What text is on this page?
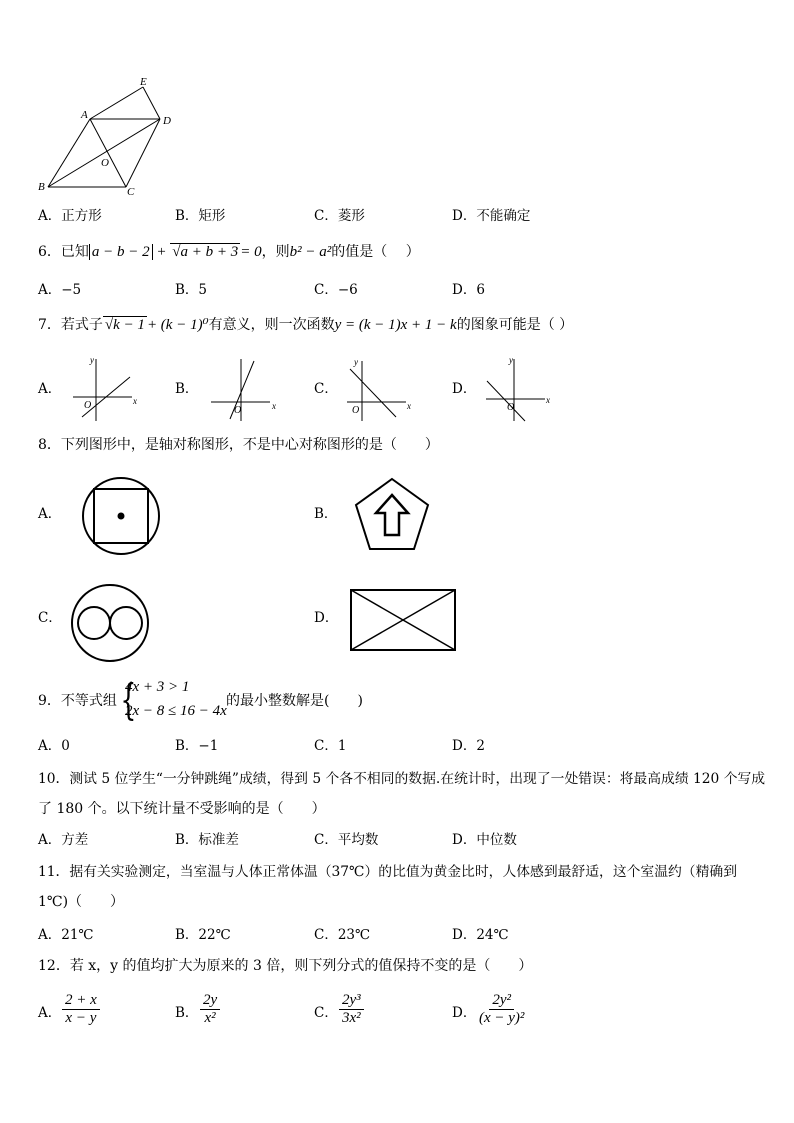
A	D
B	C
E
O
A．正方形	B．矩形	C．菱形	D．不能确定
6．已知 a − b − 2 + √a + b + 3 = 0，则b² − a²的值是（　 ）
A．−5	B．5	C．−6	D．6
7．若式子 √k − 1 + (k − 1)⁰有意义，则一次函数y = (k − 1)x + 1 − k的图象可能是（ ）
A．	B．	C．	D．
y
x
O	x
O
y
x
O
y
x
O
8．下列图形中，是轴对称图形，不是中心对称图形的是（　　）
A．	B．
C．	D．
9．不等式组 {
4x + 3 > 1
2x − 8 ≤ 16 − 4x
的最小整数解是(　　)
A．0	B．−1	C．1	D．2
10．测试 5 位学生“一分钟跳绳”成绩，得到 5 个各不相同的数据.在统计时，出现了一处错误：将最高成绩 120 个写成
了 180 个。以下统计量不受影响的是（　　）
A．方差	B．标准差	C．平均数	D．中位数
11．据有关实验测定，当室温与人体正常体温（37℃）的比值为黄金比时，人体感到最舒适，这个室温约（精确到
1℃)（　　）
A．21℃	B．22℃	C．23℃	D．24℃
12．若 x，y 的值均扩大为原来的 3 倍，则下列分式的值保持不变的是（　　）
A． $\frac{2 + x}{x - y}$	B． $\frac{2y}{\text{x²}}$	C． $\frac{\text{2y³}}{\text{3x²}}$	D． $\frac{\text{2y²}}{\text{(x − y)²}}$
